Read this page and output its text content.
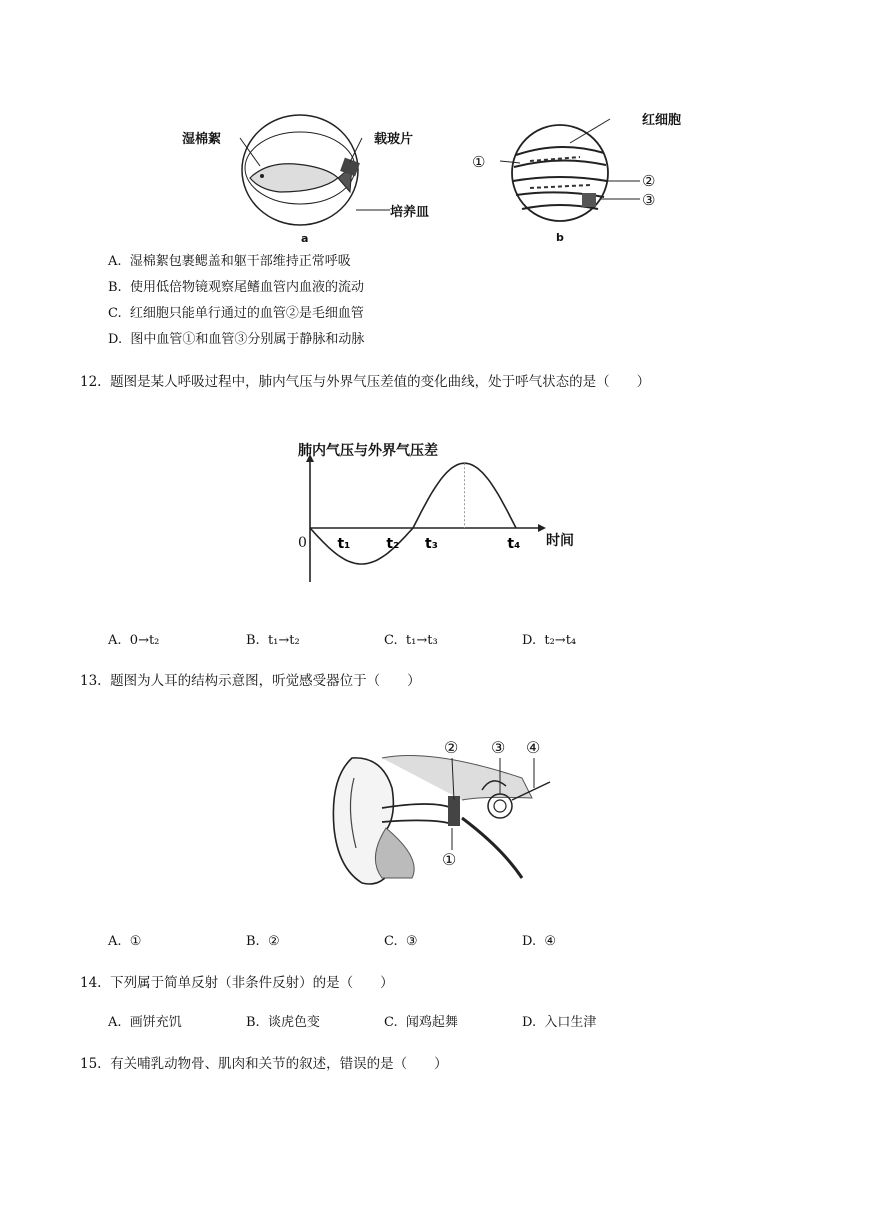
湿棉絮	载玻片
培养皿
a
红细胞
①
②
③
b
A. 湿棉絮包裹鳃盖和躯干部维持正常呼吸
B. 使用低倍物镜观察尾鳍血管内血液的流动
C. 红细胞只能单行通过的血管②是毛细血管
D. 图中血管①和血管③分别属于静脉和动脉
12. 题图是某人呼吸过程中，肺内气压与外界气压差值的变化曲线，处于呼气状态的是（　　）
t₁	t₂ t₃	t₄
肺内气压与外界气压差
0	时间
A. 0→t₂	B. t₁→t₂	C. t₁→t₃	D. t₂→t₄
13. 题图为人耳的结构示意图，听觉感受器位于（　　）
② ③ ④
①
A. ①	B. ②	C. ③	D. ④
14. 下列属于简单反射（非条件反射）的是（　　）
A. 画饼充饥	B. 谈虎色变	C. 闻鸡起舞	D. 入口生津
15. 有关哺乳动物骨、肌肉和关节的叙述，错误的是（　　）
